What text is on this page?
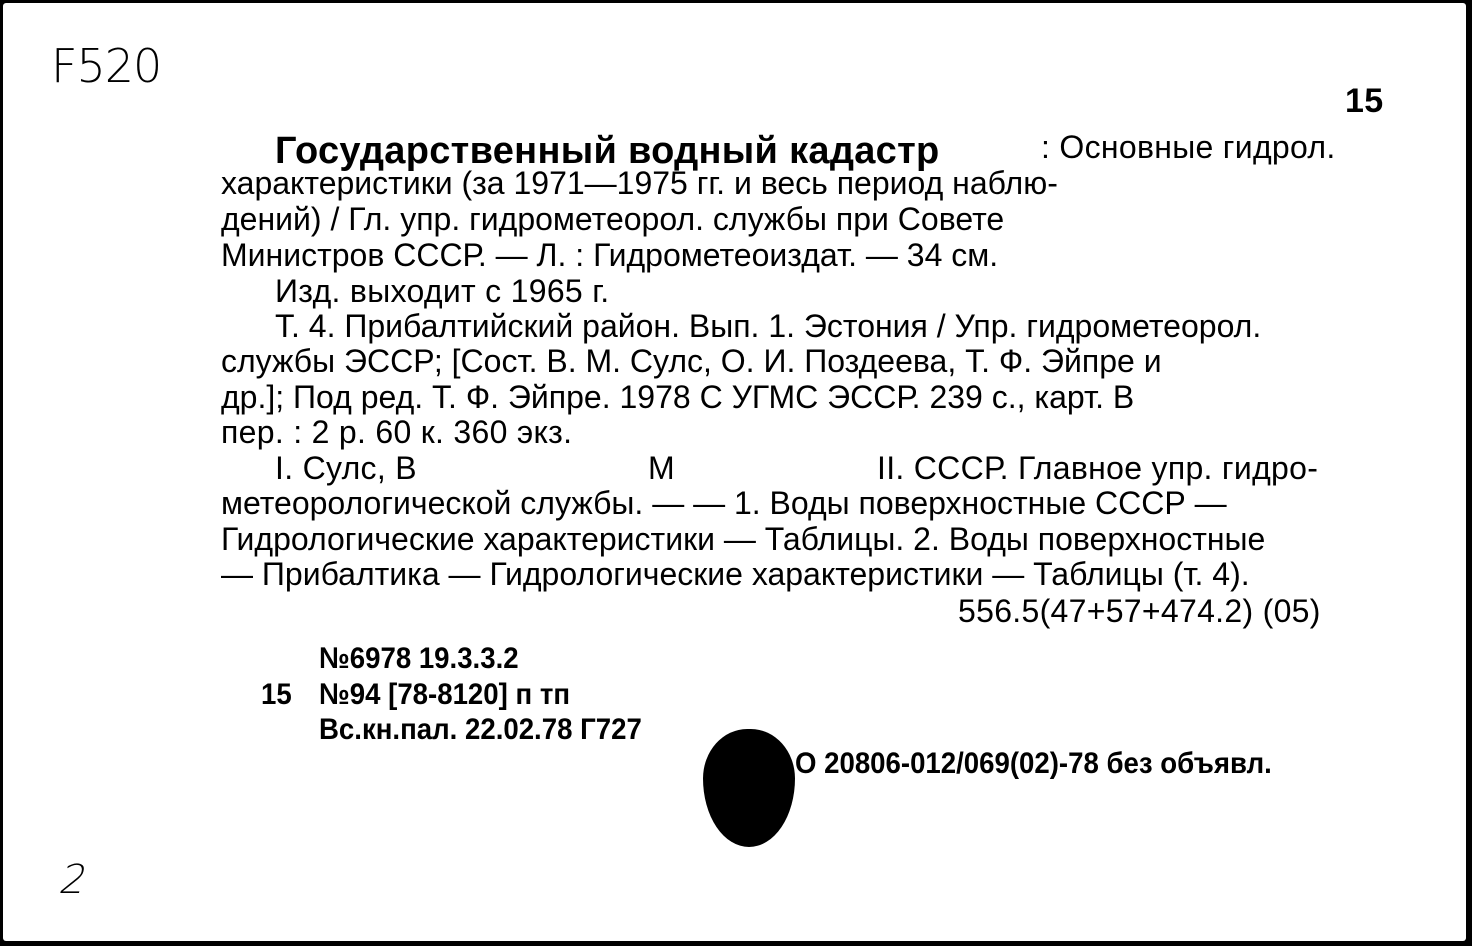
F520
15
Государственный водный кадастр	: Основные гидрол.

характеристики (за 1971—1975 гг. и весь период наблю-

дений) / Гл. упр. гидрометеорол. службы при Совете

Министров СССР. — Л. : Гидрометеоиздат. — 34 см.

Изд. выходит с 1965 г.

Т. 4. Прибалтийский район. Вып. 1. Эстония / Упр. гидрометеорол.

службы ЭССР; [Сост. В. М. Сулс, О. И. Поздеева, Т. Ф. Эйпре и

др.]; Под ред. Т. Ф. Эйпре. 1978 С УГМС ЭССР. 239 с., карт. В

пер. : 2 р. 60 к. 360 экз.
I. Сулс, В	М	II. СССР. Главное упр. гидро-

метеорологической службы. — — 1. Воды поверхностные СССР —

Гидрологические характеристики — Таблицы. 2. Воды поверхностные

— Прибалтика — Гидрологические характеристики — Таблицы (т. 4).

556.5(47+57+474.2) (05)
№6978 19.3.3.2
15 №94 [78-8120] п тп
Вс.кн.пал. 22.02.78 Г727
О 20806-012/069(02)-78 без объявл.
2
